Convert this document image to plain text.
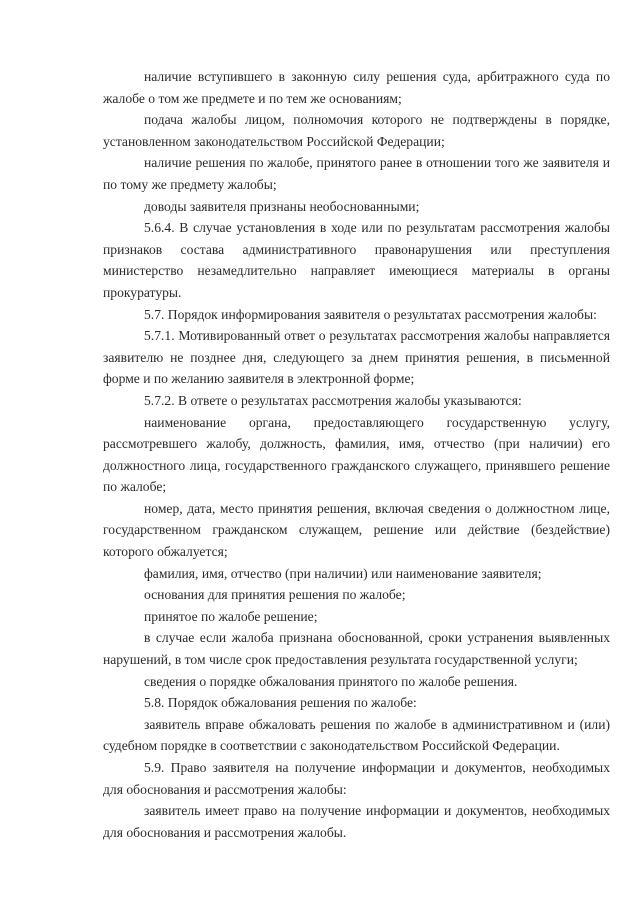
наличие вступившего в законную силу решения суда, арбитражного суда по жалобе о том же предмете и по тем же основаниям;

подача жалобы лицом, полномочия которого не подтверждены в порядке, установленном законодательством Российской Федерации;

наличие решения по жалобе, принятого ранее в отношении того же заявителя и по тому же предмету жалобы;

доводы заявителя признаны необоснованными;

5.6.4. В случае установления в ходе или по результатам рассмотрения жалобы признаков состава административного правонарушения или преступления министерство незамедлительно направляет имеющиеся материалы в органы прокуратуры.

5.7. Порядок информирования заявителя о результатах рассмотрения жалобы:

5.7.1. Мотивированный ответ о результатах рассмотрения жалобы направляется заявителю не позднее дня, следующего за днем принятия решения, в письменной форме и по желанию заявителя в электронной форме;

5.7.2. В ответе о результатах рассмотрения жалобы указываются:

наименование органа, предоставляющего государственную услугу, рассмотревшего жалобу, должность, фамилия, имя, отчество (при наличии) его должностного лица, государственного гражданского служащего, принявшего решение по жалобе;

номер, дата, место принятия решения, включая сведения о должностном лице, государственном гражданском служащем, решение или действие (бездействие) которого обжалуется;

фамилия, имя, отчество (при наличии) или наименование заявителя;

основания для принятия решения по жалобе;

принятое по жалобе решение;

в случае если жалоба признана обоснованной, сроки устранения выявленных нарушений, в том числе срок предоставления результата государственной услуги;

сведения о порядке обжалования принятого по жалобе решения.

5.8. Порядок обжалования решения по жалобе:

заявитель вправе обжаловать решения по жалобе в административном и (или) судебном порядке в соответствии с законодательством Российской Федерации.

5.9. Право заявителя на получение информации и документов, необходимых для обоснования и рассмотрения жалобы:

заявитель имеет право на получение информации и документов, необходимых для обоснования и рассмотрения жалобы.
